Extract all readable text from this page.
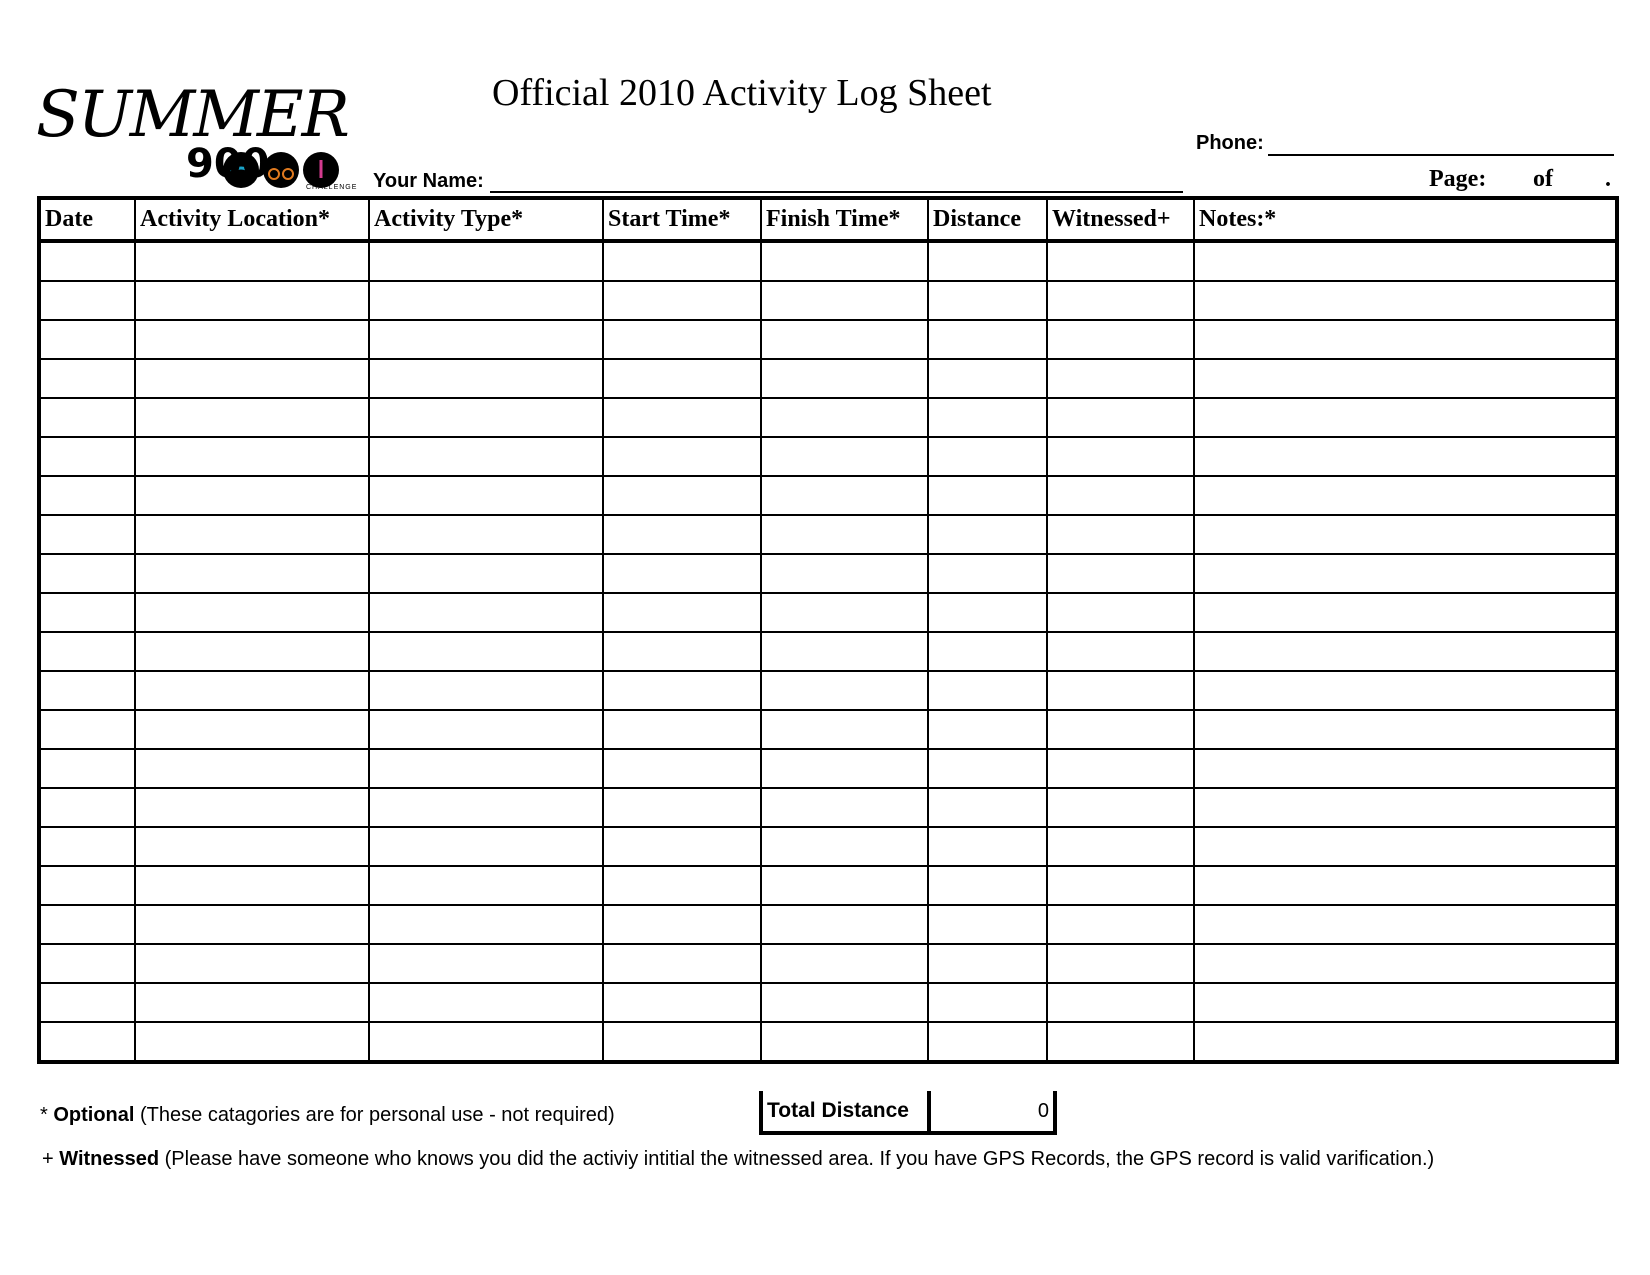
SUMMER
900
CHALLENGE
Official 2010 Activity Log Sheet
Phone:
Your Name:	Page: of .
Date	Activity Location*	Activity Type*	Start Time*	Finish Time*	Distance	Witnessed+	Notes:*

Total Distance	0
* Optional (These catagories are for personal use - not required)
+ Witnessed (Please have someone who knows you did the activiy intitial the witnessed area. If you have GPS Records, the GPS record is valid varification.)
